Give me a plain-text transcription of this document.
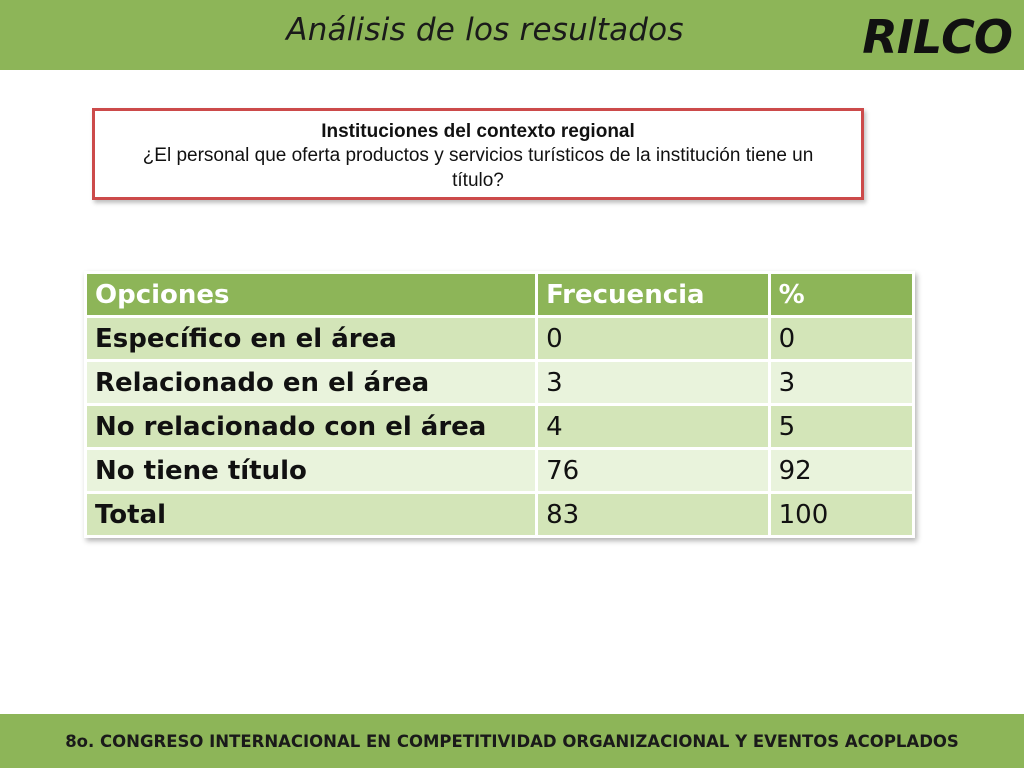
Análisis de los resultados	RILCO
Instituciones del contexto regional
¿El personal que oferta productos y servicios turísticos de la institución tiene un título?
Opciones	Frecuencia	%
Específico en el área	0	0
Relacionado en el área	3	3
No relacionado con el área	4	5
No tiene título	76	92
Total	83	100
8o. CONGRESO INTERNACIONAL EN COMPETITIVIDAD ORGANIZACIONAL Y EVENTOS ACOPLADOS
